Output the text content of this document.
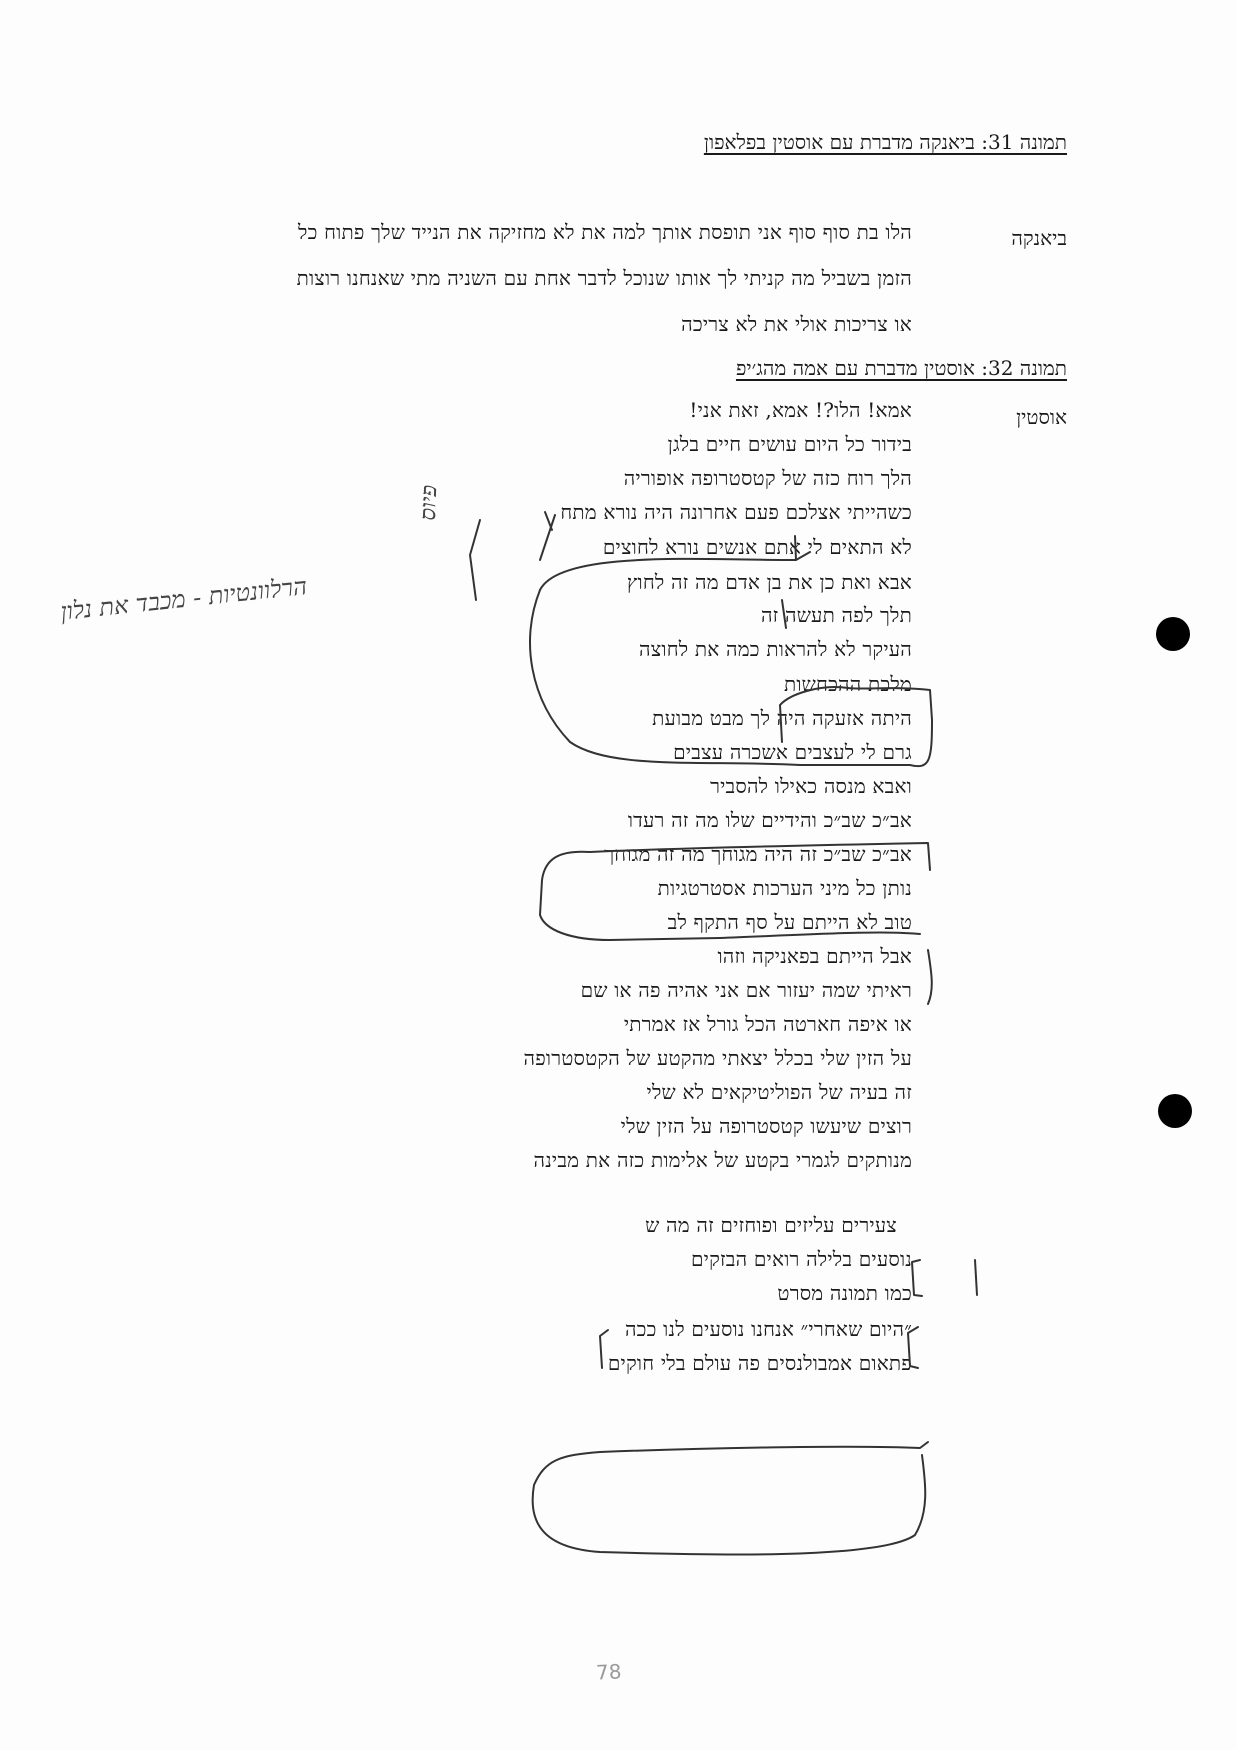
תמונה 31: ביאנקה מדברת עם אוסטין בפלאפון
ביאנקה
הלו בת סוף סוף אני תופסת אותך למה את לא מחזיקה את הנייד שלך פתוח כל
הזמן בשביל מה קניתי לך אותו שנוכל לדבר אחת עם השניה מתי שאנחנו רוצות
או צריכות אולי את לא צריכה
תמונה 32: אוסטין מדברת עם אמה מהג׳יפ
אוסטין
אמא! הלו?! אמא, זאת אני!
בידור כל היום עושים חיים בלגן
הלך רוח כזה של קטסטרופה אופוריה
כשהייתי אצלכם פעם אחרונה היה נורא מתח
לא התאים לי אתם אנשים נורא לחוצים
אבא ואת כן את בן אדם מה זה לחוץ
תלך לפה תעשה זה
העיקר לא להראות כמה את לחוצה
מלכת ההכחשות
היתה אזעקה היה לך מבט מבועת
גרם לי לעצבים אשכרה עצבים
ואבא מנסה כאילו להסביר
אב״כ שב״כ והידיים שלו מה זה רעדו
אב״כ שב״כ זה היה מגוחך מה זה מגוחך
נותן כל מיני הערכות אסטרטגיות
טוב לא הייתם על סף התקף לב
אבל הייתם בפאניקה וזהו
ראיתי שמה יעזור אם אני אהיה פה או שם
או איפה חארטה הכל גורל אז אמרתי
על הזין שלי בכלל יצאתי מהקטע של הקטסטרופה
זה בעיה של הפוליטיקאים לא שלי
רוצים שיעשו קטסטרופה על הזין שלי
מנותקים לגמרי בקטע של אלימות כזה את מבינה
צעירים עליזים ופוחזים זה מה ש
נוסעים בלילה רואים הבזקים
כמו תמונה מסרט
״היום שאחרי״ אנחנו נוסעים לנו ככה
פתאום אמבולנסים פה עולם בלי חוקים
פיוס
הרלוונטיות - מכבד את נלון
78
